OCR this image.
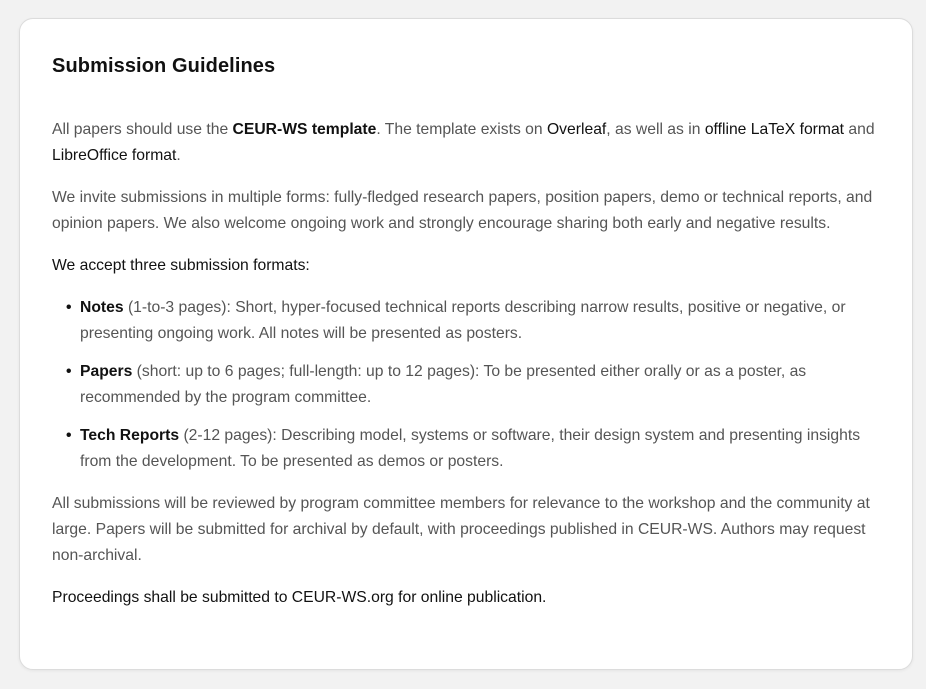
Submission Guidelines

All papers should use the CEUR-WS template. The template exists on Overleaf, as well as in offline LaTeX format and LibreOffice format.

We invite submissions in multiple forms: fully-fledged research papers, position papers, demo or technical reports, and opinion papers. We also welcome ongoing work and strongly encourage sharing both early and negative results.

We accept three submission formats:

• Notes (1-to-3 pages): Short, hyper-focused technical reports describing narrow results, positive or negative, or presenting ongoing work. All notes will be presented as posters.
• Papers (short: up to 6 pages; full-length: up to 12 pages): To be presented either orally or as a poster, as recommended by the program committee.
• Tech Reports (2-12 pages): Describing model, systems or software, their design system and presenting insights from the development. To be presented as demos or posters.

All submissions will be reviewed by program committee members for relevance to the workshop and the community at large. Papers will be submitted for archival by default, with proceedings published in CEUR-WS. Authors may request non-archival.

Proceedings shall be submitted to CEUR-WS.org for online publication.
